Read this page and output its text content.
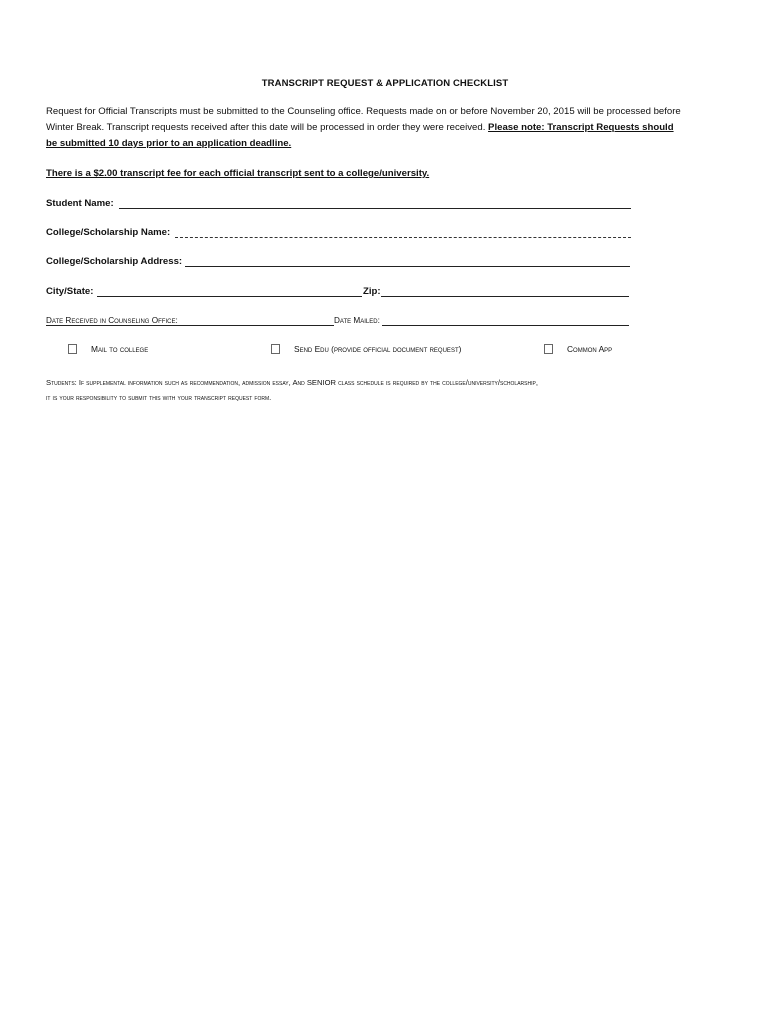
TRANSCRIPT REQUEST & APPLICATION CHECKLIST
Request for Official Transcripts must be submitted to the Counseling office. Requests made on or before November 20, 2015 will be processed before
Winter Break. Transcript requests received after this date will be processed in order they were received. Please note: Transcript Requests should
be submitted 10 days prior to an application deadline.
There is a $2.00 transcript fee for each official transcript sent to a college/university.
Student Name:
College/Scholarship Name:
College/Scholarship Address:
City/State:	Zip:
Date Received in Counseling Office:	Date Mailed:
Mail to college	Send Edu (provide official document request)	Common App
Students: If supplemental information such as recommendation, admission essay, And SENIOR class schedule is required by the college/university/scholarship,
it is your responsibility to submit this with your transcript request form.
